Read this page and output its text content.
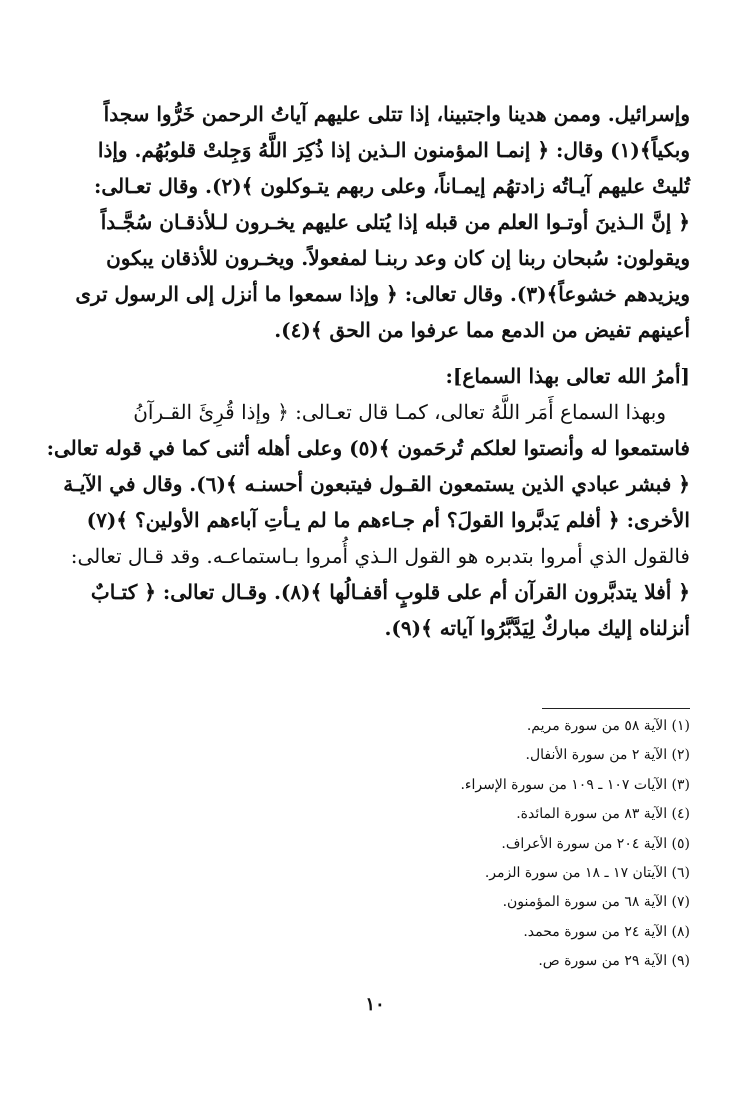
وإسرائيل. وممن هدينا واجتبينا، إذا تتلى عليهم آياتُ الرحمن خَرُّوا سجداً
وبكياً﴾(١) وقال: ﴿ إنمـا المؤمنون الـذين إذا ذُكِرَ اللَّهُ وَجِلتْ قلوبُهُم. وإذا
تُليتْ عليهم آيـاتُه زادتهُم إيمـاناً، وعلى ربهم يتـوكلون ﴾(٢). وقال تعـالى:
﴿ إنَّ الـذينَ أوتـوا العلم من قبله إذا يُتلى عليهم يخـرون لـلأذقـان سُجَّـداً
ويقولون: سُبحان ربنا إن كان وعد ربنـا لمفعولاً. ويخـرون للأذقان يبكون
ويزيدهم خشوعاً﴾(٣). وقال تعالى: ﴿ وإذا سمعوا ما أنزل إلى الرسول ترى
أعينهم تفيض من الدمع مما عرفوا من الحق ﴾(٤).
[أمرُ الله تعالى بهذا السماع]:
وبهذا السماع أَمَر اللَّهُ تعالى، كمـا قال تعـالى: ﴿ وإذا قُرِئَ القـرآنُ
فاستمعوا له وأنصتوا لعلكم تُرحَمون ﴾(٥) وعلى أهله أثنى كما في قوله تعالى:
﴿ فبشر عبادي الذين يستمعون القـول فيتبعون أحسنـه ﴾(٦). وقال في الآيـة
الأخرى: ﴿ أفلم يَدبَّروا القولَ؟ أم جـاءهم ما لم يـأتِ آباءهم الأولين؟ ﴾(٧)
فالقول الذي أمروا بتدبره هو القول الـذي أُمروا بـاستماعـه. وقد قـال تعالى:
﴿ أفلا يتدبَّرون القرآن أم على قلوبٍ أقفـالُها ﴾(٨). وقـال تعالى: ﴿ كتـابٌ
أنزلناه إليك مباركٌ لِيَدَّبَّرُوا آياته ﴾(٩).
(١) الآية ٥٨ من سورة مريم.
(٢) الآية ٢ من سورة الأنفال.
(٣) الآيات ١٠٧ ـ ١٠٩ من سورة الإسراء.
(٤) الآية ٨٣ من سورة المائدة.
(٥) الآية ٢٠٤ من سورة الأعراف.
(٦) الآيتان ١٧ ـ ١٨ من سورة الزمر.
(٧) الآية ٦٨ من سورة المؤمنون.
(٨) الآية ٢٤ من سورة محمد.
(٩) الآية ٢٩ من سورة ص.
١٠
